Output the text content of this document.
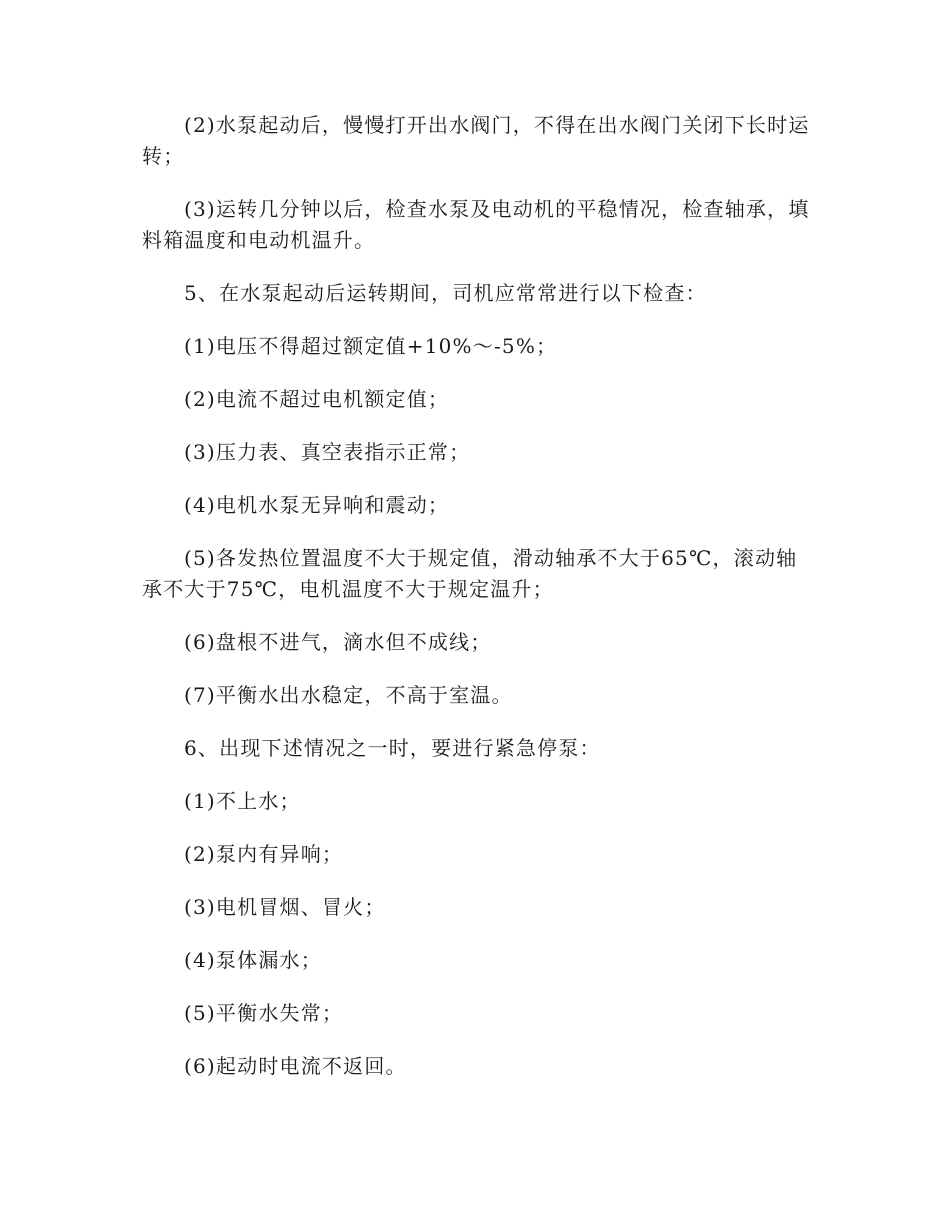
(2)水泵起动后，慢慢打开出水阀门，不得在出水阀门关闭下长时运转；

(3)运转几分钟以后，检查水泵及电动机的平稳情况，检查轴承，填料箱温度和电动机温升。

5、在水泵起动后运转期间，司机应常常进行以下检查：

(1)电压不得超过额定值+10%～-5%；

(2)电流不超过电机额定值；

(3)压力表、真空表指示正常；

(4)电机水泵无异响和震动；

(5)各发热位置温度不大于规定值，滑动轴承不大于65℃，滚动轴承不大于75℃，电机温度不大于规定温升；

(6)盘根不进气，滴水但不成线；

(7)平衡水出水稳定，不高于室温。

6、出现下述情况之一时，要进行紧急停泵：

(1)不上水；

(2)泵内有异响；

(3)电机冒烟、冒火；

(4)泵体漏水；

(5)平衡水失常；

(6)起动时电流不返回。
